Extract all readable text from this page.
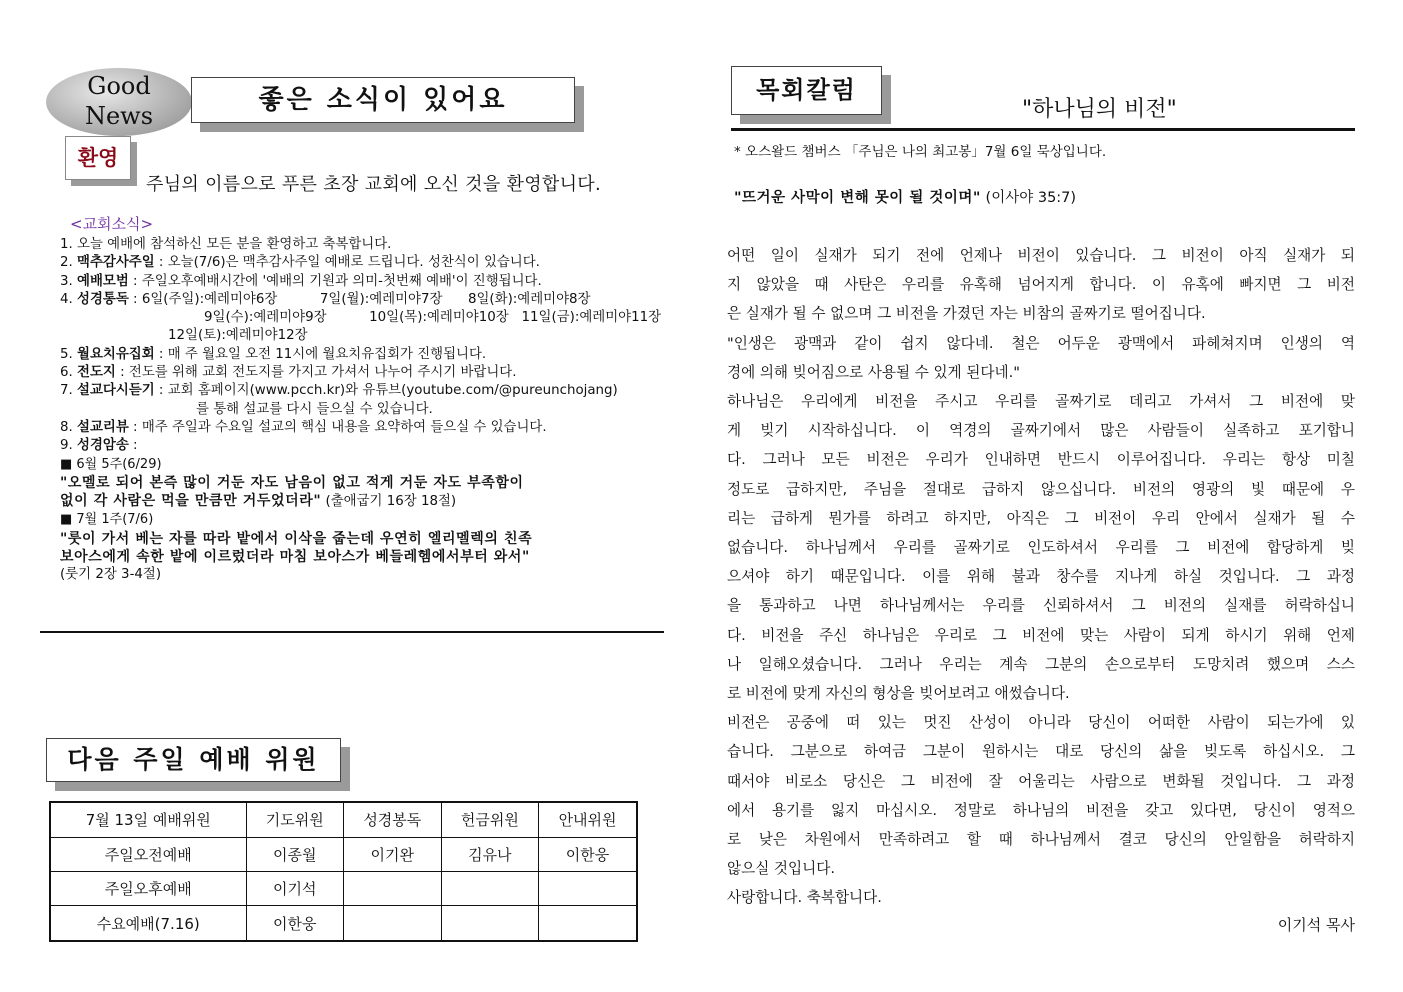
Good
News
좋은 소식이 있어요
환영
주님의 이름으로 푸른 초장 교회에 오신 것을 환영합니다.
<교회소식>
1. 오늘 예배에 참석하신 모든 분을 환영하고 축복합니다.
2. 맥추감사주일 : 오늘(7/6)은 맥추감사주일 예배로 드립니다. 성찬식이 있습니다.
3. 예배모범 : 주일오후예배시간에 '예배의 기원과 의미-첫번째 예배'이 진행됩니다.
4. 성경통독 : 6일(주일):예레미야6장          7일(월):예레미야7장      8일(화):예레미야8장
9일(수):예레미야9장          10일(목):예레미야10장   11일(금):예레미야11장
12일(토):예레미야12장
5. 월요치유집회 : 매 주 월요일 오전 11시에 월요치유집회가 진행됩니다.
6. 전도지 : 전도를 위해 교회 전도지를 가지고 가셔서 나누어 주시기 바랍니다.
7. 설교다시듣기 : 교회 홈페이지(www.pcch.kr)와 유튜브(youtube.com/@pureunchojang)
를 통해 설교를 다시 들으실 수 있습니다.
8. 설교리뷰 : 매주 주일과 수요일 설교의 핵심 내용을 요약하여 들으실 수 있습니다.
9. 성경암송 :
■ 6월 5주(6/29)
"오멜로 되어 본즉 많이 거둔 자도 남음이 없고 적게 거둔 자도 부족함이
없이 각 사람은 먹을 만큼만 거두었더라" (출애굽기 16장 18절)
■ 7월 1주(7/6)
"룻이 가서 베는 자를 따라 밭에서 이삭을 줍는데 우연히 엘리멜렉의 친족
보아스에게 속한 밭에 이르렀더라 마침 보아스가 베들레헴에서부터 와서"
(룻기 2장 3-4절)
다음 주일 예배 위원
7월 13일 예배위원	기도위원	성경봉독	헌금위원	안내위원
주일오전예배	이종월	이기완	김유나	이한웅
주일오후예배	이기석			
수요예배(7.16)	이한웅			
목회칼럼
"하나님의 비전"
* 오스왈드 챔버스 「주님은 나의 최고봉」7월 6일 묵상입니다.
"뜨거운 사막이 변해 못이 될 것이며" (이사야 35:7)
어떤 일이 실재가 되기 전에 언제나 비전이 있습니다. 그 비전이 아직 실재가 되
지 않았을 때 사탄은 우리를 유혹해 넘어지게 합니다. 이 유혹에 빠지면 그 비전
은 실재가 될 수 없으며 그 비전을 가졌던 자는 비참의 골짜기로 떨어집니다.
"인생은 광맥과 같이 쉽지 않다네. 철은 어두운 광맥에서 파헤쳐지며 인생의 역
경에 의해 빚어짐으로 사용될 수 있게 된다네."
하나님은 우리에게 비전을 주시고 우리를 골짜기로 데리고 가셔서 그 비전에 맞
게 빚기 시작하십니다. 이 역경의 골짜기에서 많은 사람들이 실족하고 포기합니
다. 그러나 모든 비전은 우리가 인내하면 반드시 이루어집니다. 우리는 항상 미칠
정도로 급하지만, 주님을 절대로 급하지 않으십니다. 비전의 영광의 빛 때문에 우
리는 급하게 뭔가를 하려고 하지만, 아직은 그 비전이 우리 안에서 실재가 될 수
없습니다. 하나님께서 우리를 골짜기로 인도하셔서 우리를 그 비전에 합당하게 빚
으셔야 하기 때문입니다. 이를 위해 불과 창수를 지나게 하실 것입니다. 그 과정
을 통과하고 나면 하나님께서는 우리를 신뢰하셔서 그 비전의 실재를 허락하십니
다. 비전을 주신 하나님은 우리로 그 비전에 맞는 사람이 되게 하시기 위해 언제
나 일해오셨습니다. 그러나 우리는 계속 그분의 손으로부터 도망치려 했으며 스스
로 비전에 맞게 자신의 형상을 빚어보려고 애썼습니다.
비전은 공중에 떠 있는 멋진 산성이 아니라 당신이 어떠한 사람이 되는가에 있
습니다. 그분으로 하여금 그분이 원하시는 대로 당신의 삶을 빚도록 하십시오. 그
때서야 비로소 당신은 그 비전에 잘 어울리는 사람으로 변화될 것입니다. 그 과정
에서 용기를 잃지 마십시오. 정말로 하나님의 비전을 갖고 있다면, 당신이 영적으
로 낮은 차원에서 만족하려고 할 때 하나님께서 결코 당신의 안일함을 허락하지
않으실 것입니다.
사랑합니다. 축복합니다.
이기석 목사
